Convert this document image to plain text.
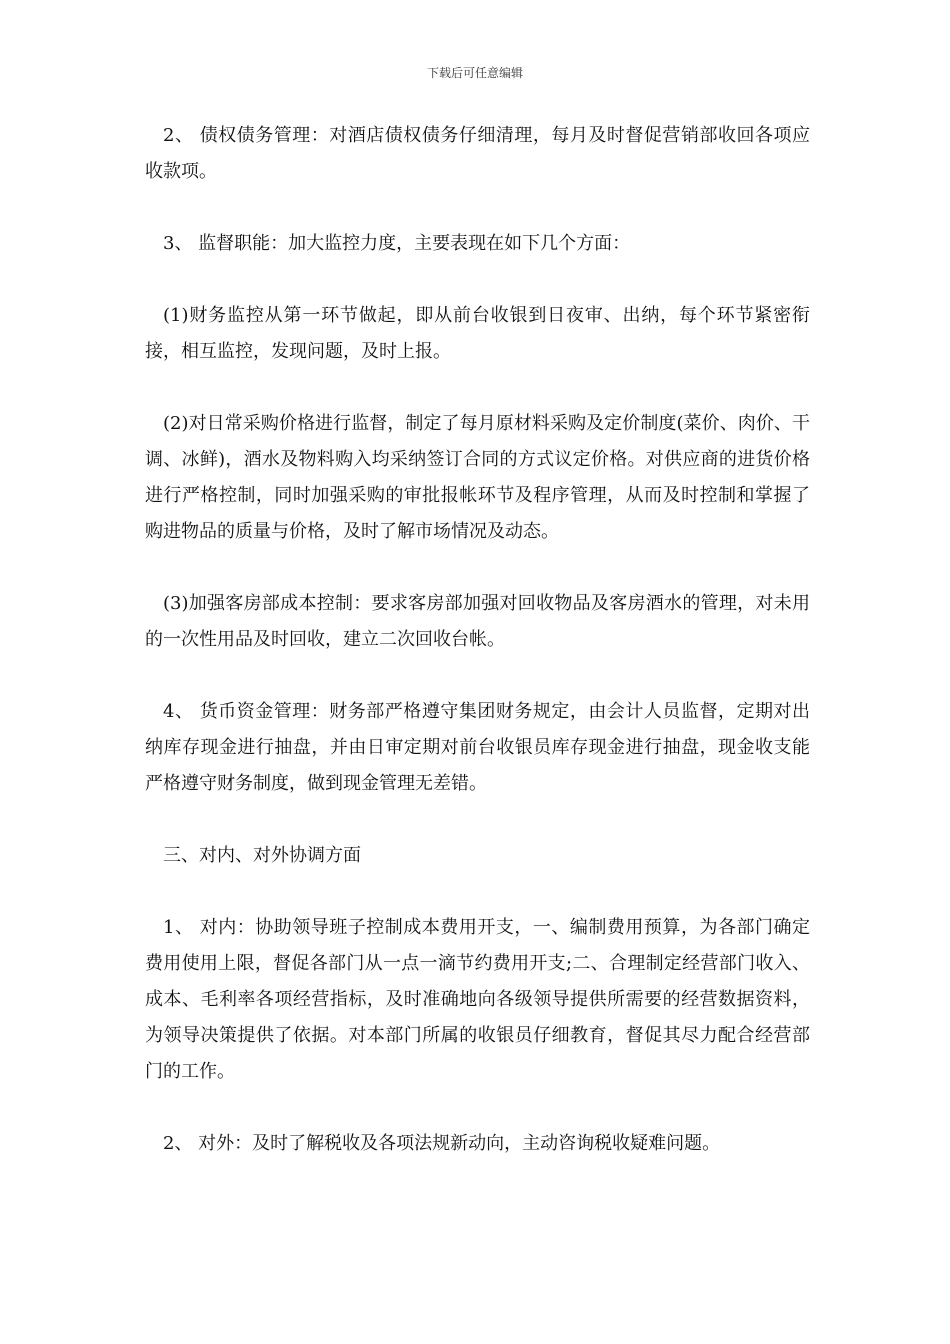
下载后可任意编辑

2、 债权债务管理：对酒店债权债务仔细清理，每月及时督促营销部收回各项应收款项。

3、 监督职能：加大监控力度，主要表现在如下几个方面：

(1)财务监控从第一环节做起，即从前台收银到日夜审、出纳，每个环节紧密衔接，相互监控，发现问题，及时上报。

(2)对日常采购价格进行监督，制定了每月原材料采购及定价制度(菜价、肉价、干调、冰鲜)，酒水及物料购入均采纳签订合同的方式议定价格。对供应商的进货价格进行严格控制，同时加强采购的审批报帐环节及程序管理，从而及时控制和掌握了购进物品的质量与价格，及时了解市场情况及动态。

(3)加强客房部成本控制：要求客房部加强对回收物品及客房酒水的管理，对未用的一次性用品及时回收，建立二次回收台帐。

4、 货币资金管理：财务部严格遵守集团财务规定，由会计人员监督，定期对出纳库存现金进行抽盘，并由日审定期对前台收银员库存现金进行抽盘，现金收支能严格遵守财务制度，做到现金管理无差错。

三、对内、对外协调方面

1、 对内：协助领导班子控制成本费用开支，一、编制费用预算，为各部门确定费用使用上限，督促各部门从一点一滴节约费用开支;二、合理制定经营部门收入、成本、毛利率各项经营指标，及时准确地向各级领导提供所需要的经营数据资料，为领导决策提供了依据。对本部门所属的收银员仔细教育，督促其尽力配合经营部门的工作。

2、 对外：及时了解税收及各项法规新动向，主动咨询税收疑难问题。
